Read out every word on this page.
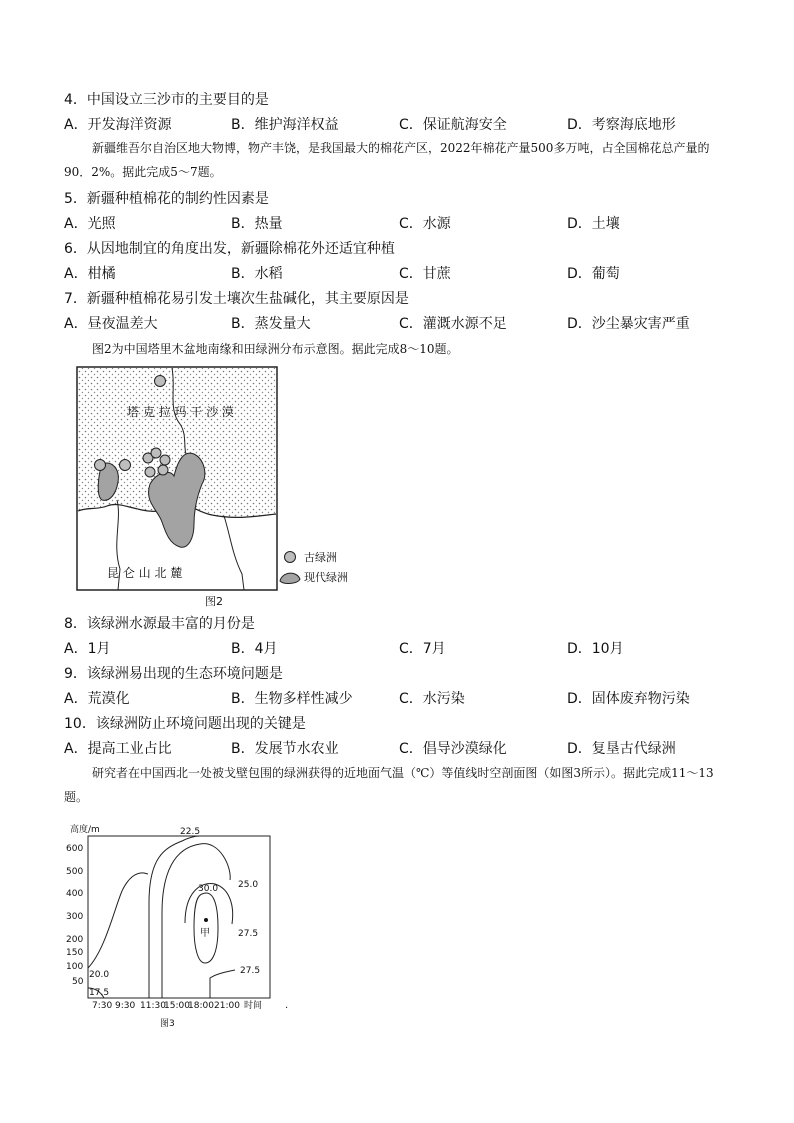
4．中国设立三沙市的主要目的是
A．开发海洋资源	B．维护海洋权益	C．保证航海安全	D．考察海底地形
新疆维吾尔自治区地大物博，物产丰饶，是我国最大的棉花产区，2022年棉花产量500多万吨，占全国棉花总产量的90．2%。据此完成5～7题。
5．新疆种植棉花的制约性因素是
A．光照	B．热量	C．水源	D．土壤
6．从因地制宜的角度出发，新疆除棉花外还适宜种植
A．柑橘	B．水稻	C．甘蔗	D．葡萄
7．新疆种植棉花易引发土壤次生盐碱化，其主要原因是
A．昼夜温差大	B．蒸发量大	C．灌溉水源不足	D．沙尘暴灾害严重
图2为中国塔里木盆地南缘和田绿洲分布示意图。据此完成8～10题。
塔 克 拉 玛 干 沙 漠
昆 仑 山 北 麓
古绿洲
现代绿洲
图2
8．该绿洲水源最丰富的月份是
A．1月	B．4月	C．7月	D．10月
9．该绿洲易出现的生态环境问题是
A．荒漠化	B．生物多样性减少	C．水污染	D．固体废弃物污染
10．该绿洲防止环境问题出现的关键是
A．提高工业占比	B．发展节水农业	C．倡导沙漠绿化	D．复垦古代绿洲
研究者在中国西北一处被戈壁包围的绿洲获得的近地面气温（℃）等值线时空剖面图（如图3所示）。据此完成11～13题。
高度/m
600
500
400
300
200
150
100
50
7:30 9:30 11:30
15:00
18:00 21:00 时间 .
22.5
25.0
30.0
27.5
20.0	27.5
17.5
甲
图3
